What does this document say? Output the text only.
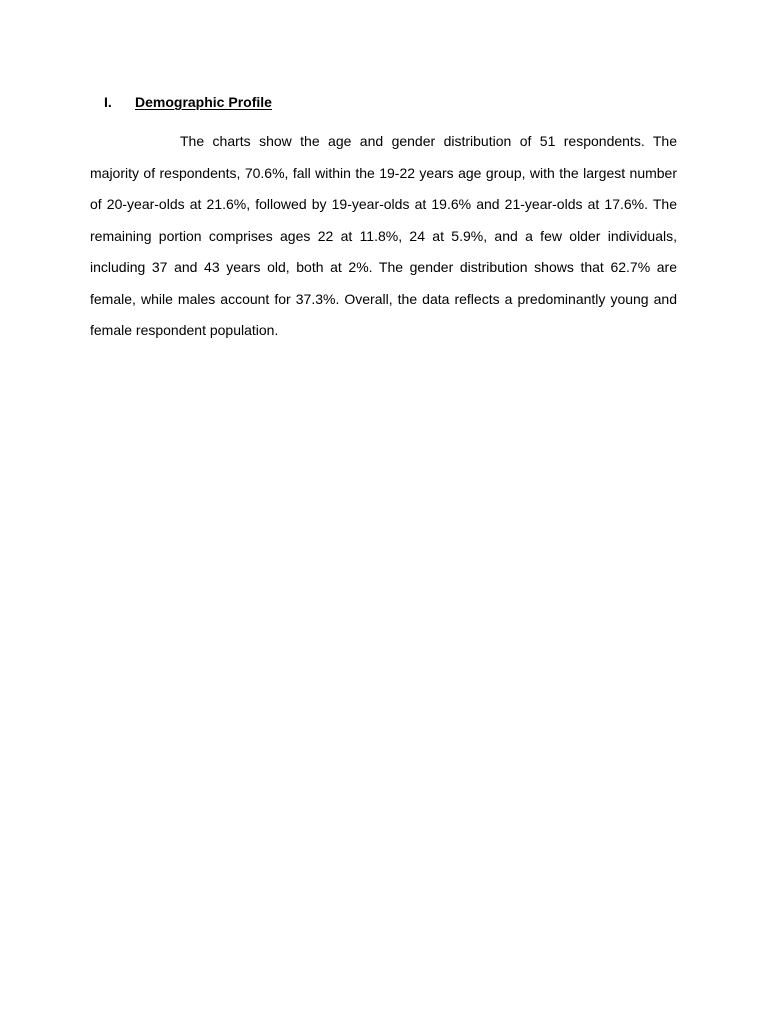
I. Demographic Profile

The charts show the age and gender distribution of 51 respondents. The majority of respondents, 70.6%, fall within the 19-22 years age group, with the largest number of 20-year-olds at 21.6%, followed by 19-year-olds at 19.6% and 21-year-olds at 17.6%. The remaining portion comprises ages 22 at 11.8%, 24 at 5.9%, and a few older individuals, including 37 and 43 years old, both at 2%. The gender distribution shows that 62.7% are female, while males account for 37.3%. Overall, the data reflects a predominantly young and female respondent population.
